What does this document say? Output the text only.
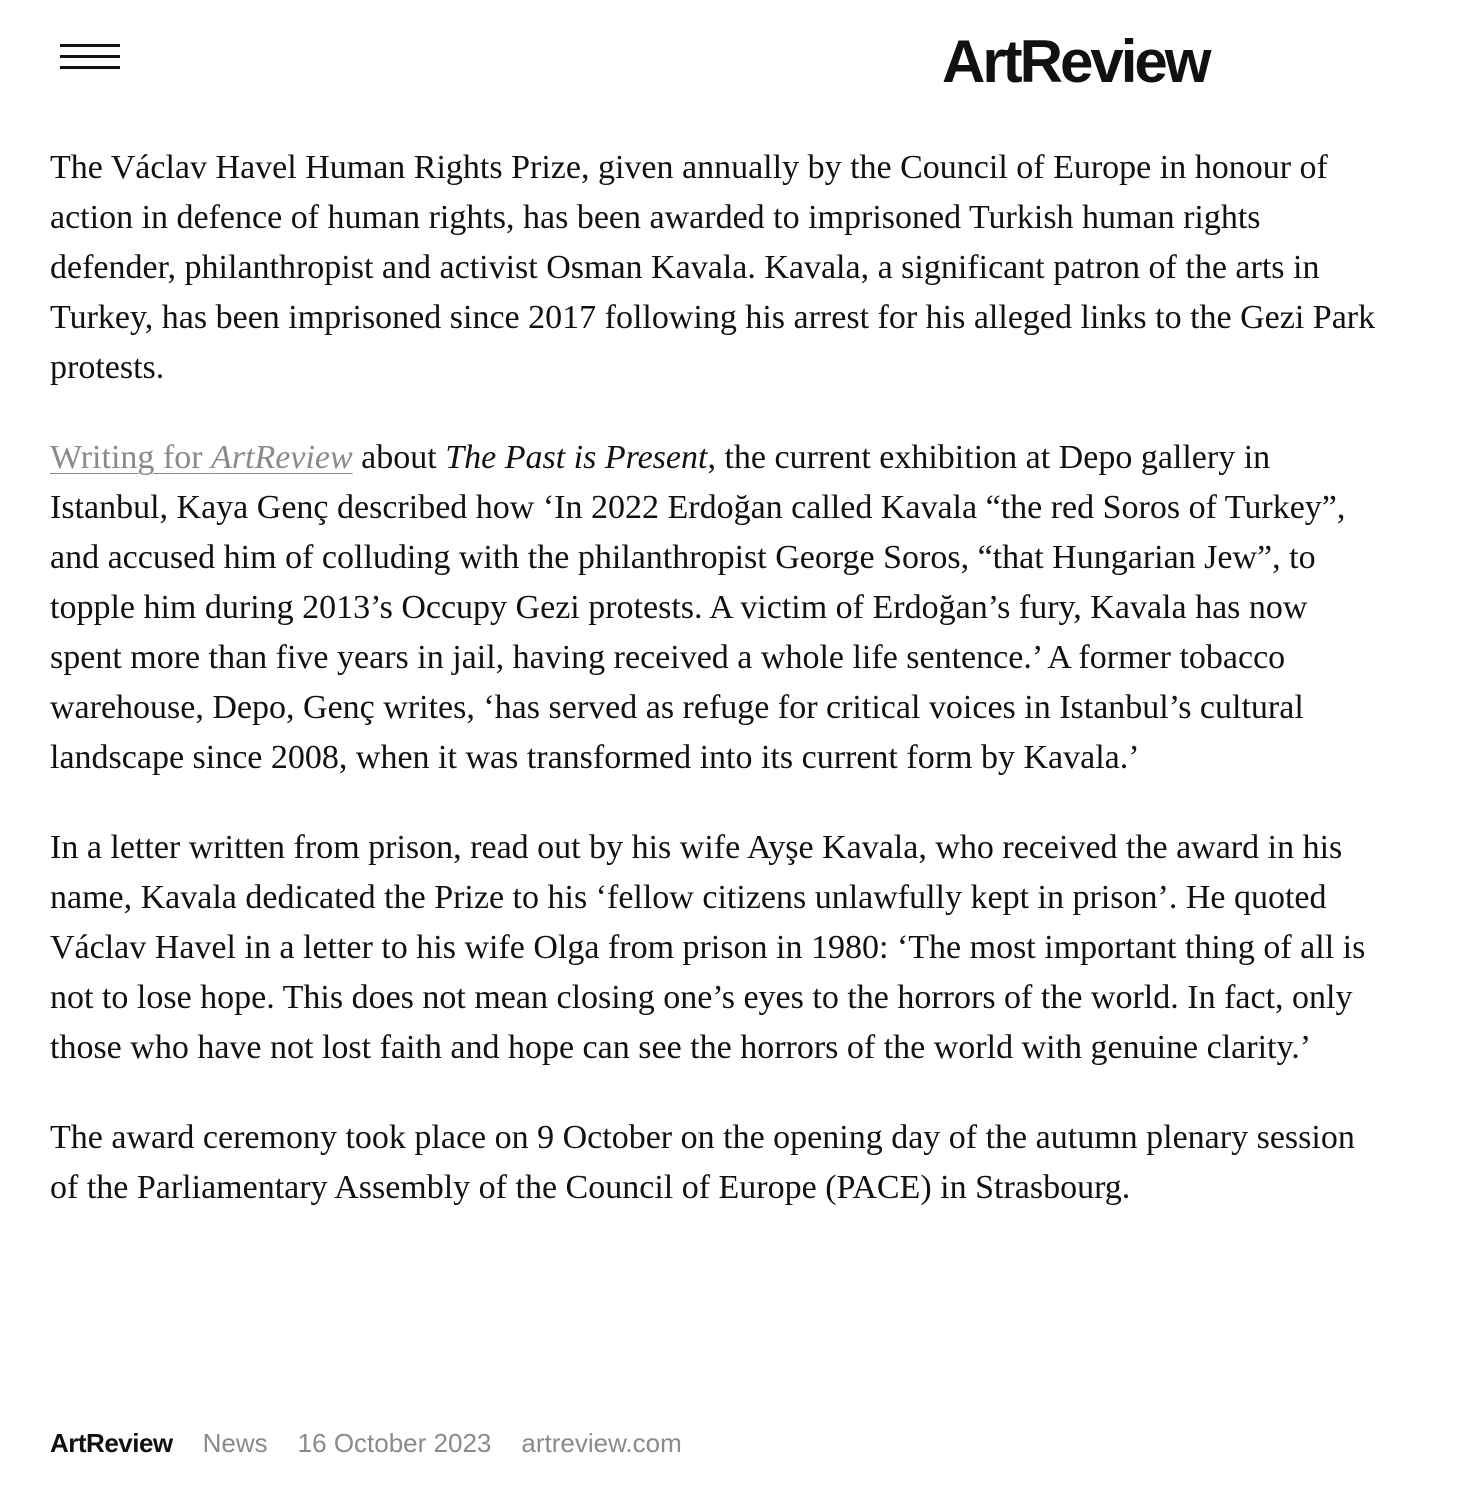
ArtReview

The Václav Havel Human Rights Prize, given annually by the Council of Europe in honour of action in defence of human rights, has been awarded to imprisoned Turkish human rights defender, philanthropist and activist Osman Kavala. Kavala, a significant patron of the arts in Turkey, has been imprisoned since 2017 following his arrest for his alleged links to the Gezi Park protests.

Writing for ArtReview about The Past is Present, the current exhibition at Depo gallery in Istanbul, Kaya Genç described how ‘In 2022 Erdoğan called Kavala “the red Soros of Turkey”, and accused him of colluding with the philanthropist George Soros, “that Hungarian Jew”, to topple him during 2013’s Occupy Gezi protests. A victim of Erdoğan’s fury, Kavala has now spent more than five years in jail, having received a whole life sentence.’ A former tobacco warehouse, Depo, Genç writes, ‘has served as refuge for critical voices in Istanbul’s cultural landscape since 2008, when it was transformed into its current form by Kavala.’

In a letter written from prison, read out by his wife Ayşe Kavala, who received the award in his name, Kavala dedicated the Prize to his ‘fellow citizens unlawfully kept in prison’. He quoted Václav Havel in a letter to his wife Olga from prison in 1980: ‘The most important thing of all is not to lose hope. This does not mean closing one’s eyes to the horrors of the world. In fact, only those who have not lost faith and hope can see the horrors of the world with genuine clarity.’

The award ceremony took place on 9 October on the opening day of the autumn plenary session of the Parliamentary Assembly of the Council of Europe (PACE) in Strasbourg.

ArtReview News 16 October 2023 artreview.com
